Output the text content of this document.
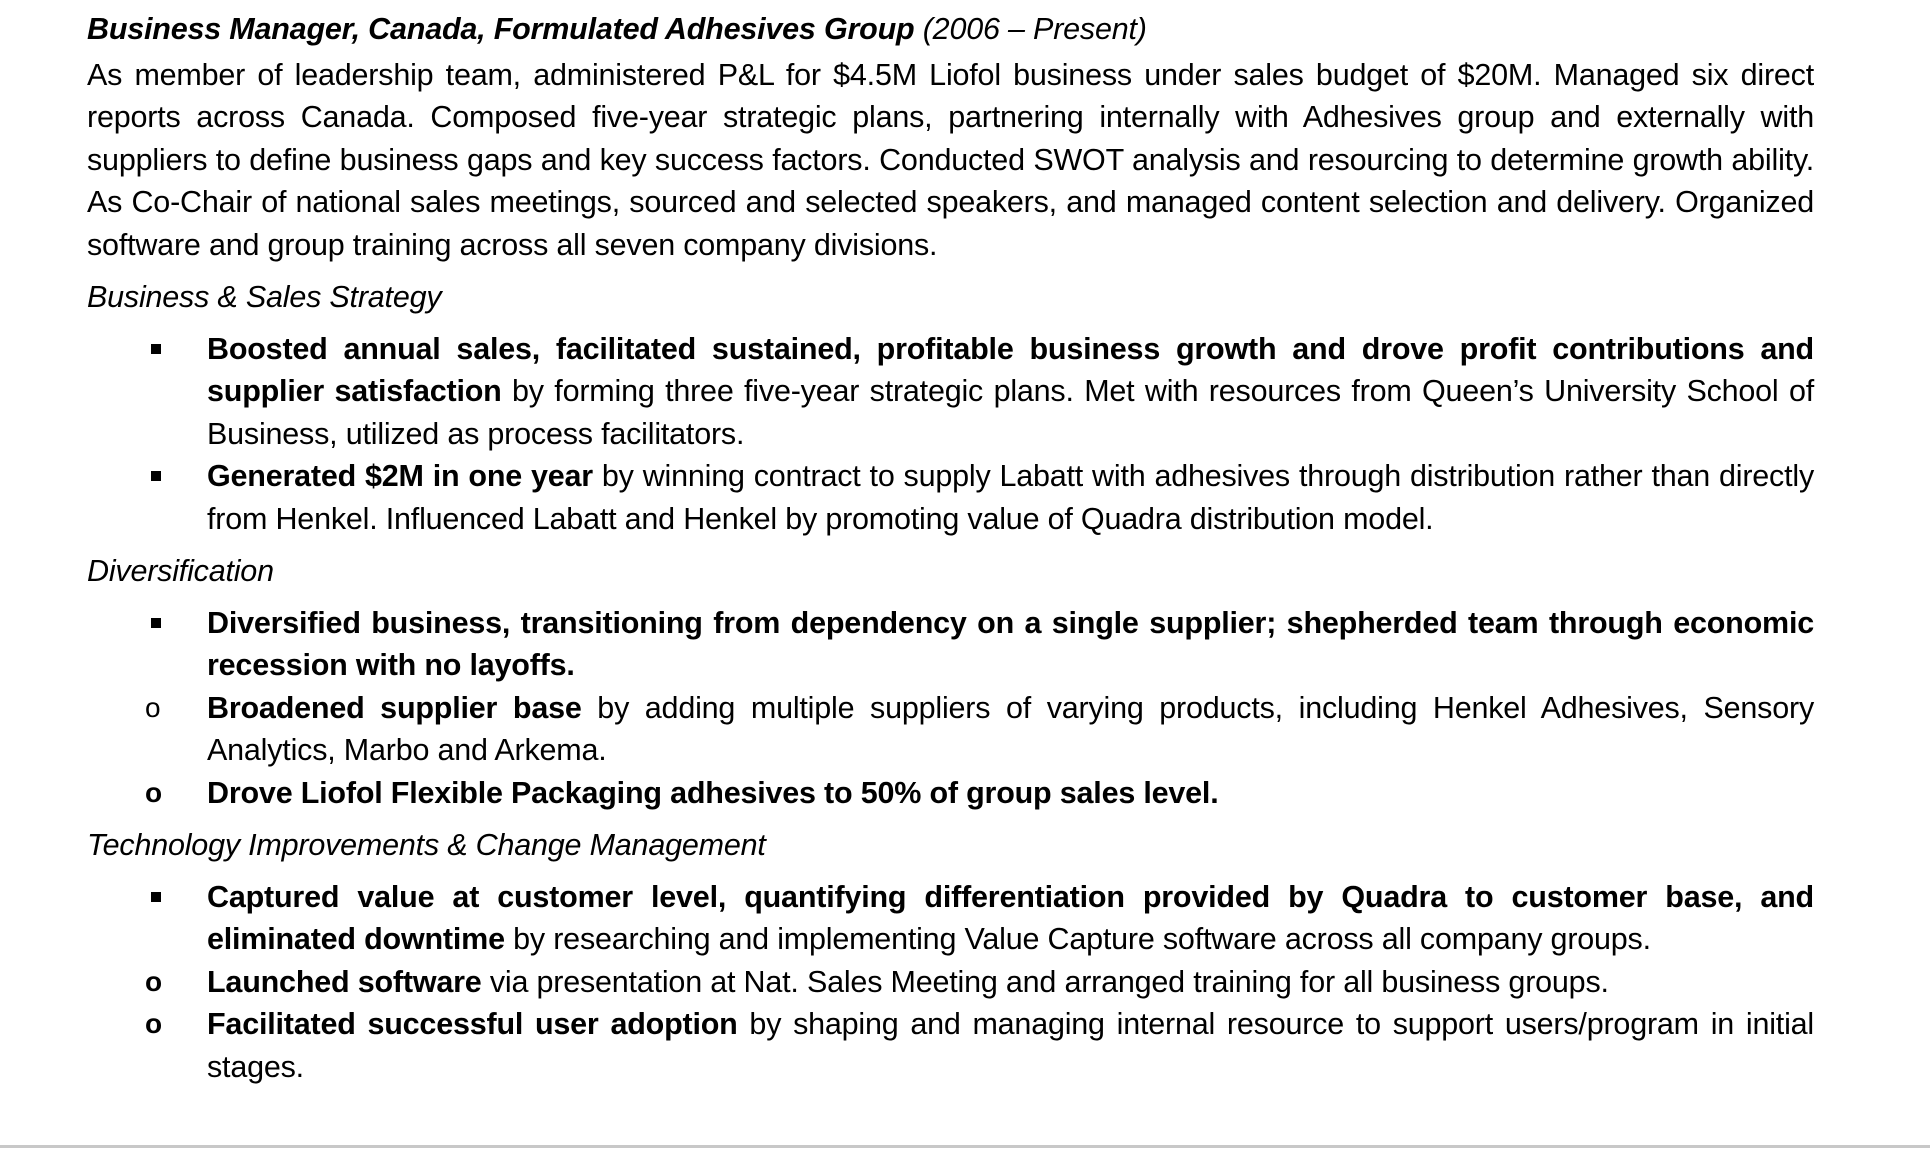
Business Manager, Canada, Formulated Adhesives Group (2006 – Present)

As member of leadership team, administered P&L for $4.5M Liofol business under sales budget of $20M. Managed six direct reports across Canada. Composed five-year strategic plans, partnering internally with Adhesives group and externally with suppliers to define business gaps and key success factors. Conducted SWOT analysis and resourcing to determine growth ability. As Co-Chair of national sales meetings, sourced and selected speakers, and managed content selection and delivery. Organized software and group training across all seven company divisions.

Business & Sales Strategy

Boosted annual sales, facilitated sustained, profitable business growth and drove profit contributions and supplier satisfaction by forming three five-year strategic plans. Met with resources from Queen’s University School of Business, utilized as process facilitators.
Generated $2M in one year by winning contract to supply Labatt with adhesives through distribution rather than directly from Henkel. Influenced Labatt and Henkel by promoting value of Quadra distribution model.

Diversification

Diversified business, transitioning from dependency on a single supplier; shepherded team through economic recession with no layoffs.
o Broadened supplier base by adding multiple suppliers of varying products, including Henkel Adhesives, Sensory Analytics, Marbo and Arkema.
o Drove Liofol Flexible Packaging adhesives to 50% of group sales level.

Technology Improvements & Change Management

Captured value at customer level, quantifying differentiation provided by Quadra to customer base, and eliminated downtime by researching and implementing Value Capture software across all company groups.
o Launched software via presentation at Nat. Sales Meeting and arranged training for all business groups.
o Facilitated successful user adoption by shaping and managing internal resource to support users/program in initial stages.
